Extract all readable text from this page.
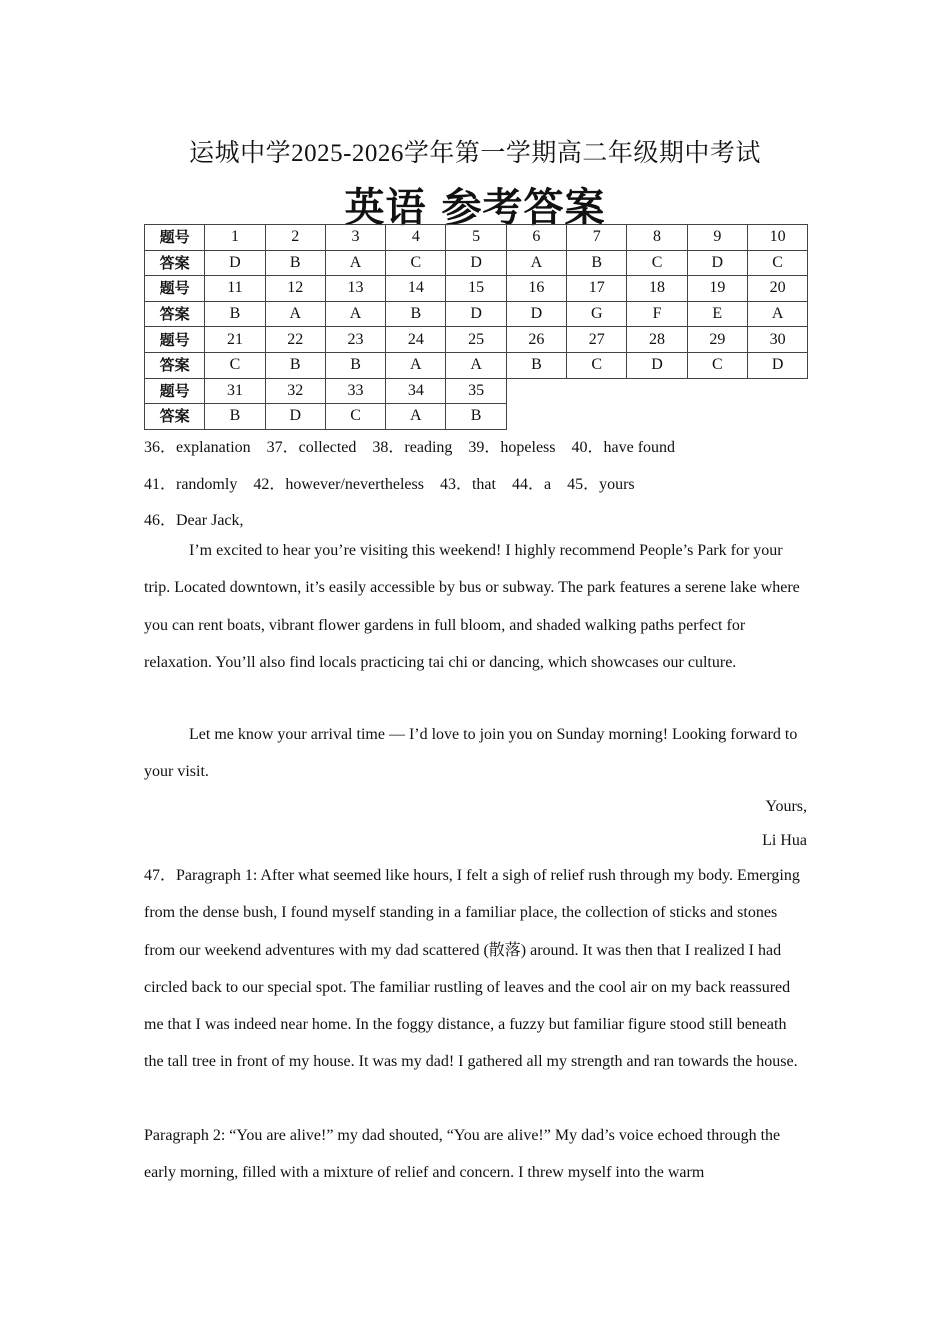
运城中学2025-2026学年第一学期高二年级期中考试
英语 参考答案
题号	1	2	3	4	5	6	7	8	9	10
答案	D	B	A	C	D	A	B	C	D	C
题号	11	12	13	14	15	16	17	18	19	20
答案	B	A	A	B	D	D	G	F	E	A
题号	21	22	23	24	25	26	27	28	29	30
答案	C	B	B	A	A	B	C	D	C	D
题号	31	32	33	34	35					
答案	B	D	C	A	B					
36．explanation 37．collected 38．reading 39．hopeless 40．have found
41．randomly 42．however/nevertheless 43．that 44．a 45．yours
46．Dear Jack,
I’m excited to hear you’re visiting this weekend! I highly recommend People’s Park for your trip. Located downtown, it’s easily accessible by bus or subway. The park features a serene lake where you can rent boats, vibrant flower gardens in full bloom, and shaded walking paths perfect for relaxation. You’ll also find locals practicing tai chi or dancing, which showcases our culture.
Let me know your arrival time — I’d love to join you on Sunday morning! Looking forward to your visit.
Yours,
Li Hua
47．Paragraph 1: After what seemed like hours, I felt a sigh of relief rush through my body. Emerging from the dense bush, I found myself standing in a familiar place, the collection of sticks and stones from our weekend adventures with my dad scattered (散落) around. It was then that I realized I had circled back to our special spot. The familiar rustling of leaves and the cool air on my back reassured me that I was indeed near home. In the foggy distance, a fuzzy but familiar figure stood still beneath the tall tree in front of my house. It was my dad! I gathered all my strength and ran towards the house.
Paragraph 2: “You are alive!” my dad shouted, “You are alive!” My dad’s voice echoed through the early morning, filled with a mixture of relief and concern. I threw myself into the warm
